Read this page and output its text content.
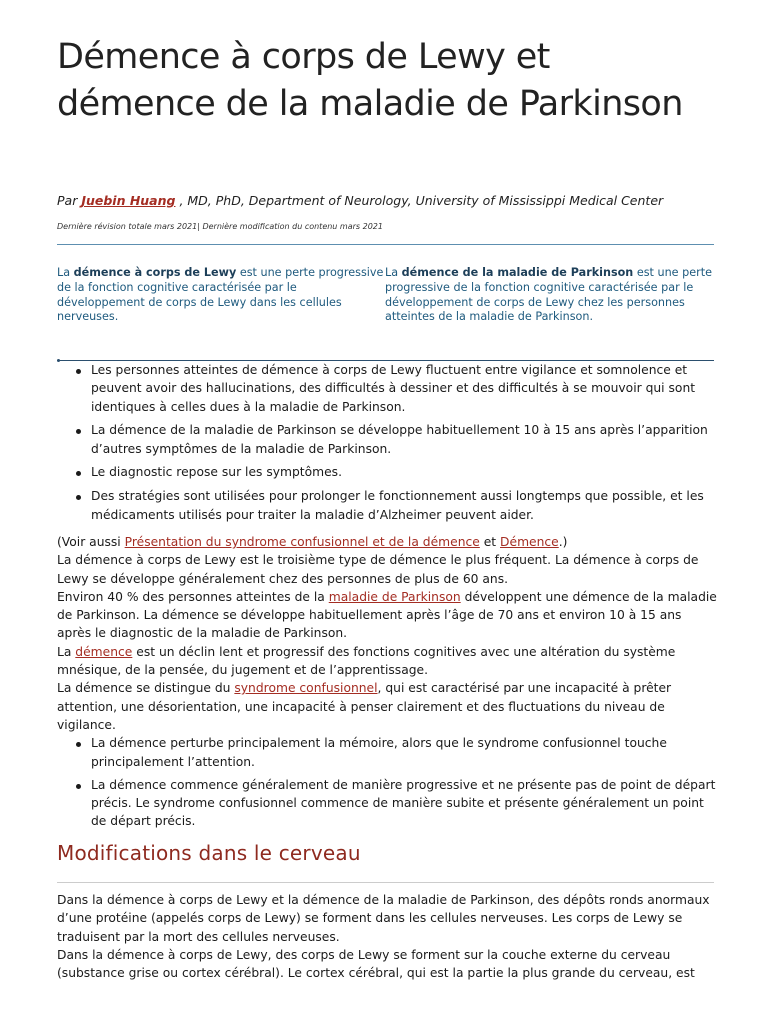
Démence à corps de Lewy et démence de la maladie de Parkinson
Par Juebin Huang , MD, PhD, Department of Neurology, University of Mississippi Medical Center
Dernière révision totale mars 2021| Dernière modification du contenu mars 2021
La démence à corps de Lewy est une perte progressive de la fonction cognitive caractérisée par le développement de corps de Lewy dans les cellules nerveuses.
La démence de la maladie de Parkinson est une perte progressive de la fonction cognitive caractérisée par le développement de corps de Lewy chez les personnes atteintes de la maladie de Parkinson.
Les personnes atteintes de démence à corps de Lewy fluctuent entre vigilance et somnolence et peuvent avoir des hallucinations, des difficultés à dessiner et des difficultés à se mouvoir qui sont identiques à celles dues à la maladie de Parkinson.
La démence de la maladie de Parkinson se développe habituellement 10 à 15 ans après l’apparition d’autres symptômes de la maladie de Parkinson.
Le diagnostic repose sur les symptômes.
Des stratégies sont utilisées pour prolonger le fonctionnement aussi longtemps que possible, et les médicaments utilisés pour traiter la maladie d’Alzheimer peuvent aider.

(Voir aussi Présentation du syndrome confusionnel et de la démence et Démence.)

La démence à corps de Lewy est le troisième type de démence le plus fréquent. La démence à corps de Lewy se développe généralement chez des personnes de plus de 60 ans.

Environ 40 % des personnes atteintes de la maladie de Parkinson développent une démence de la maladie de Parkinson. La démence se développe habituellement après l’âge de 70 ans et environ 10 à 15 ans après le diagnostic de la maladie de Parkinson.

La démence est un déclin lent et progressif des fonctions cognitives avec une altération du système mnésique, de la pensée, du jugement et de l’apprentissage.

La démence se distingue du syndrome confusionnel, qui est caractérisé par une incapacité à prêter attention, une désorientation, une incapacité à penser clairement et des fluctuations du niveau de vigilance.

La démence perturbe principalement la mémoire, alors que le syndrome confusionnel touche principalement l’attention.
La démence commence généralement de manière progressive et ne présente pas de point de départ précis. Le syndrome confusionnel commence de manière subite et présente généralement un point de départ précis.
Modifications dans le cerveau

Dans la démence à corps de Lewy et la démence de la maladie de Parkinson, des dépôts ronds anormaux d’une protéine (appelés corps de Lewy) se forment dans les cellules nerveuses. Les corps de Lewy se traduisent par la mort des cellules nerveuses.

Dans la démence à corps de Lewy, des corps de Lewy se forment sur la couche externe du cerveau (substance grise ou cortex cérébral). Le cortex cérébral, qui est la partie la plus grande du cerveau, est
